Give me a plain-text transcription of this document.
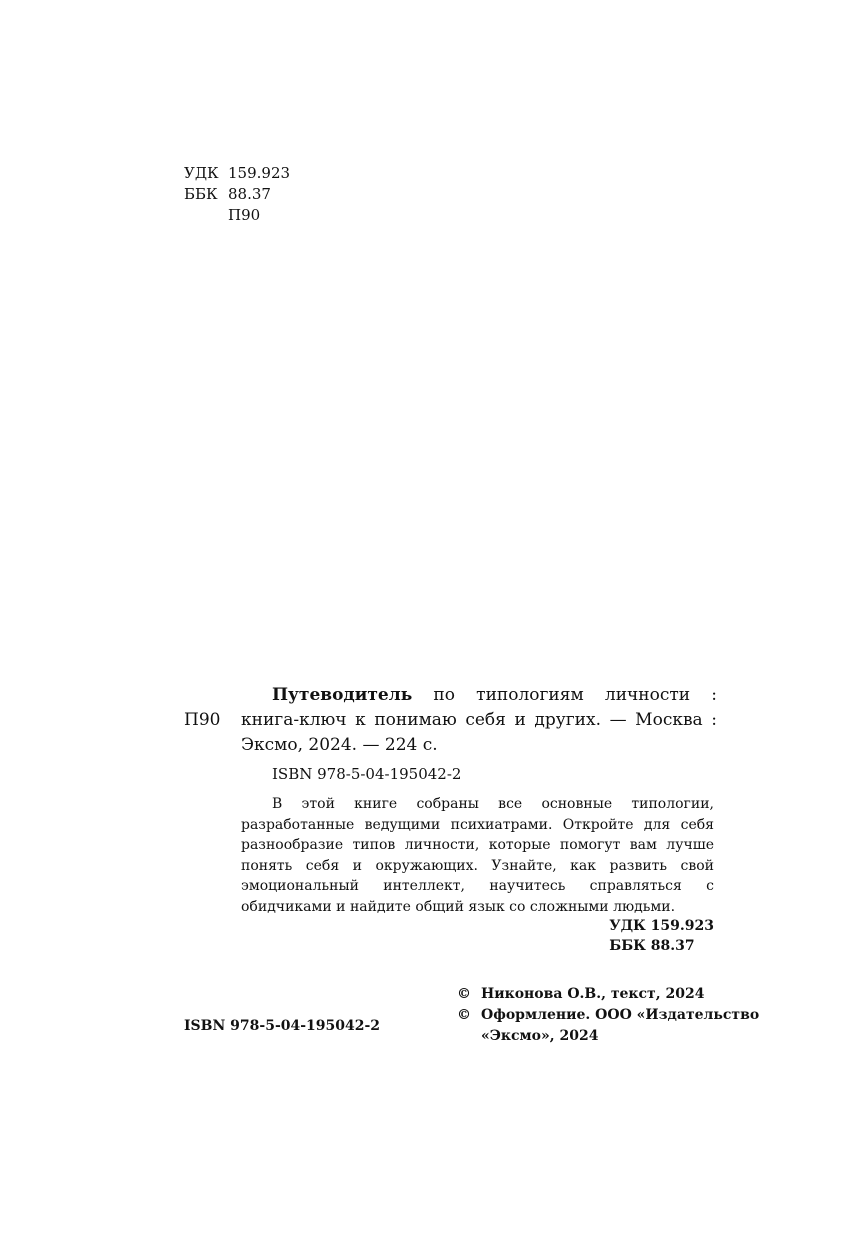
УДК 159.923
ББК 88.37
П90
П90
Путеводитель по типологиям личности : книга-ключ к понимаю себя и других. — Москва : Эксмо, 2024. — 224 с.
ISBN 978-5-04-195042-2
В этой книге собраны все основные типологии, разработанные ведущими психиатрами. Откройте для себя разнообразие типов личности, которые помогут вам лучше понять себя и окружающих. Узнайте, как развить свой эмоциональный интеллект, научитесь справляться с обидчиками и найдите общий язык со сложными людьми.
УДК 159.923
ББК 88.37
ISBN 978-5-04-195042-2
© Никонова О.В., текст, 2024
© Оформление. ООО «Издательство
«Эксмо», 2024
